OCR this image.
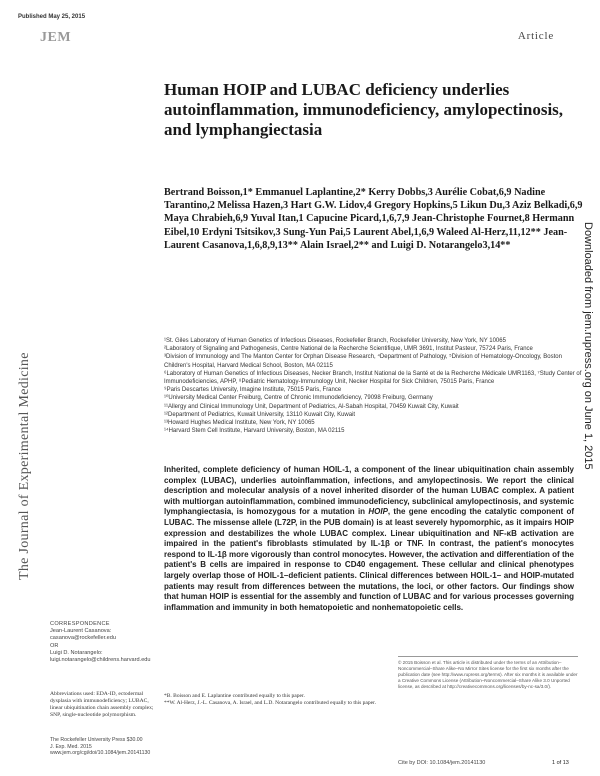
Published May 25, 2015
JEM	Article
The Journal of Experimental Medicine	Downloaded from jem.rupress.org on June 1, 2015
Human HOIP and LUBAC deficiency underlies autoinflammation, immunodeficiency, amylopectinosis, and lymphangiectasia
Bertrand Boisson,1* Emmanuel Laplantine,2* Kerry Dobbs,3 Aurélie Cobat,6,9 Nadine Tarantino,2 Melissa Hazen,3 Hart G.W. Lidov,4 Gregory Hopkins,5 Likun Du,3 Aziz Belkadi,6,9 Maya Chrabieh,6,9 Yuval Itan,1 Capucine Picard,1,6,7,9 Jean-Christophe Fournet,8 Hermann Eibel,10 Erdyni Tsitsikov,3 Sung-Yun Pai,5 Laurent Abel,1,6,9 Waleed Al-Herz,11,12** Jean-Laurent Casanova,1,6,8,9,13** Alain Israel,2** and Luigi D. Notarangelo3,14**
¹St. Giles Laboratory of Human Genetics of Infectious Diseases, Rockefeller Branch, Rockefeller University, New York, NY 10065
²Laboratory of Signaling and Pathogenesis, Centre National de la Recherche Scientifique, UMR 3691, Institut Pasteur, 75724 Paris, France
³Division of Immunology and The Manton Center for Orphan Disease Research, ⁴Department of Pathology, ⁵Division of Hematology-Oncology, Boston Children's Hospital, Harvard Medical School, Boston, MA 02115
⁶Laboratory of Human Genetics of Infectious Diseases, Necker Branch, Institut National de la Santé et de la Recherche Médicale UMR1163, ⁷Study Center of Immunodeficiencies, APHP, ⁸Pediatric Hematology-Immunology Unit, Necker Hospital for Sick Children, 75015 Paris, France
⁹Paris Descartes University, Imagine Institute, 75015 Paris, France
¹⁰University Medical Center Freiburg, Centre of Chronic Immunodeficiency, 79098 Freiburg, Germany
¹¹Allergy and Clinical Immunology Unit, Department of Pediatrics, Al-Sabah Hospital, 70459 Kuwait City, Kuwait
¹²Department of Pediatrics, Kuwait University, 13110 Kuwait City, Kuwait
¹³Howard Hughes Medical Institute, New York, NY 10065
¹⁴Harvard Stem Cell Institute, Harvard University, Boston, MA 02115
Inherited, complete deficiency of human HOIL-1, a component of the linear ubiquitination chain assembly complex (LUBAC), underlies autoinflammation, infections, and amylopectinosis. We report the clinical description and molecular analysis of a novel inherited disorder of the human LUBAC complex. A patient with multiorgan autoinflammation, combined immunodeficiency, subclinical amylopectinosis, and systemic lymphangiectasia, is homozygous for a mutation in HOIP, the gene encoding the catalytic component of LUBAC. The missense allele (L72P, in the PUB domain) is at least severely hypomorphic, as it impairs HOIP expression and destabilizes the whole LUBAC complex. Linear ubiquitination and NF-κB activation are impaired in the patient's fibroblasts stimulated by IL-1β or TNF. In contrast, the patient's monocytes respond to IL-1β more vigorously than control monocytes. However, the activation and differentiation of the patient's B cells are impaired in response to CD40 engagement. These cellular and clinical phenotypes largely overlap those of HOIL-1–deficient patients. Clinical differences between HOIL-1– and HOIP-mutated patients may result from differences between the mutations, the loci, or other factors. Our findings show that human HOIP is essential for the assembly and function of LUBAC and for various processes governing inflammation and immunity in both hematopoietic and nonhematopoietic cells.
CORRESPONDENCE
Jean-Laurent Casanova:
casanova@rockefeller.edu
OR
Luigi D. Notarangelo:
luigi.notarangelo@childrens.harvard.edu
Abbreviations used: EDA-ID, ectodermal dysplasia with immunodeficiency; LUBAC, linear ubiquitination chain assembly complex; SNP, single-nucleotide polymorphism.
*B. Boisson and E. Laplantine contributed equally to this paper.
**W. Al-Herz, J.-L. Casanova, A. Israel, and L.D. Notarangelo contributed equally to this paper.
© 2015 Boisson et al. This article is distributed under the terms of an Attribution–Noncommercial–Share Alike–No Mirror Sites license for the first six months after the publication date (see http://www.rupress.org/terms). After six months it is available under a Creative Commons License (Attribution–Noncommercial–Share Alike 3.0 Unported license, as described at http://creativecommons.org/licenses/by-nc-sa/3.0/).
The Rockefeller University Press $30.00
J. Exp. Med. 2015
www.jem.org/cgi/doi/10.1084/jem.20141130
Cite by DOI: 10.1084/jem.20141130	1 of 13
